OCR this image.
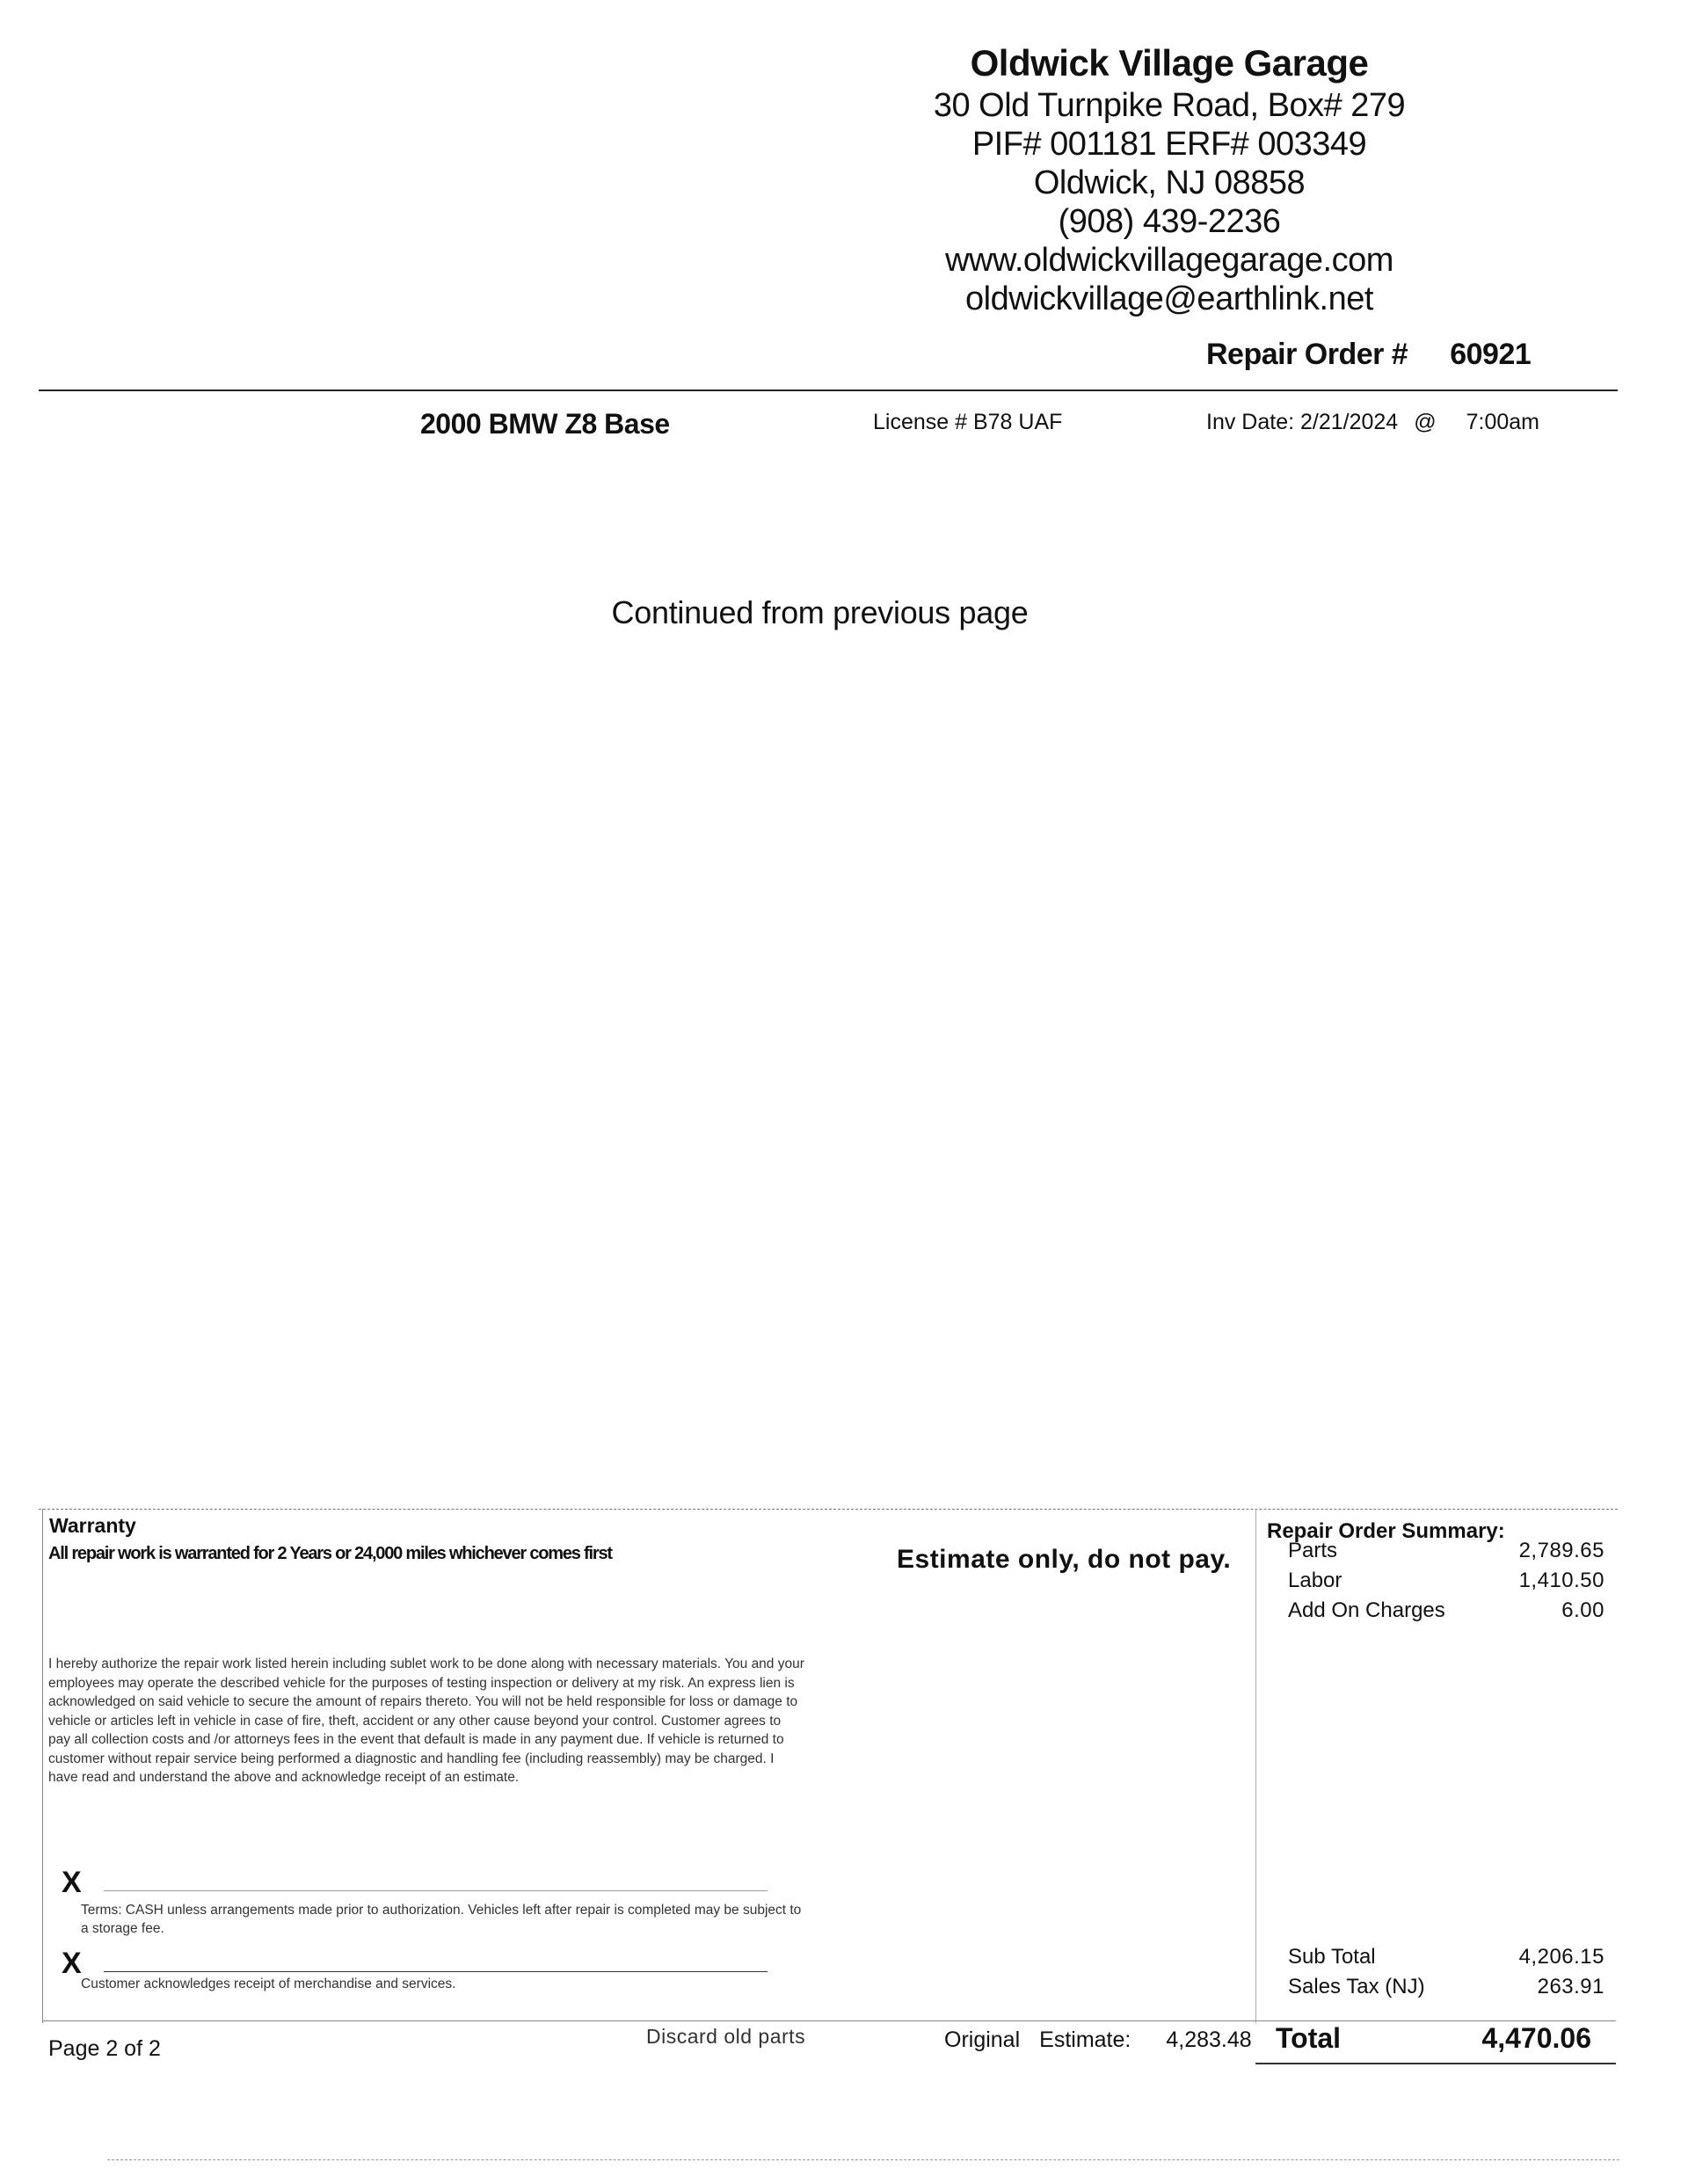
Oldwick Village Garage
30 Old Turnpike Road, Box# 279
PIF# 001181 ERF# 003349
Oldwick, NJ 08858
(908) 439-2236
www.oldwickvillagegarage.com
oldwickvillage@earthlink.net
Repair Order # 60921
2000 BMW Z8 Base	License # B78 UAF	Inv Date: 2/21/2024 @ 7:00am
Continued from previous page
Warranty
All repair work is warranted for 2 Years or 24,000 miles whichever comes first	Estimate only, do not pay.
I hereby authorize the repair work listed herein including sublet work to be done along with necessary materials. You and your employees may operate the described vehicle for the purposes of testing inspection or delivery at my risk. An express lien is acknowledged on said vehicle to secure the amount of repairs thereto. You will not be held responsible for loss or damage to vehicle or articles left in vehicle in case of fire, theft, accident or any other cause beyond your control. Customer agrees to pay all collection costs and /or attorneys fees in the event that default is made in any payment due. If vehicle is returned to customer without repair service being performed a diagnostic and handling fee (including reassembly) may be charged. I have read and understand the above and acknowledge receipt of an estimate.
X
Terms: CASH unless arrangements made prior to authorization. Vehicles left after repair is completed may be subject to a storage fee.
X
Customer acknowledges receipt of merchandise and services.
Repair Order Summary:
Parts	2,789.65
Labor	1,410.50
Add On Charges	6.00
Sub Total	4,206.15
Sales Tax (NJ)	263.91
Page 2 of 2	Discard old parts	Original Estimate: 4,283.48 Total	4,470.06
